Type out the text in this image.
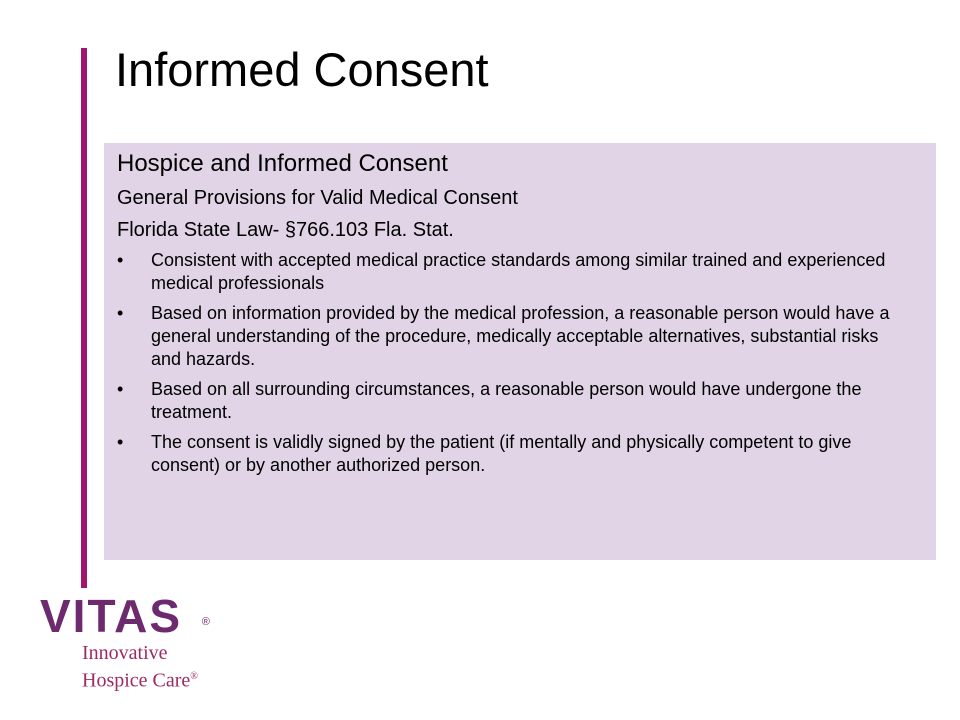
Informed Consent
Hospice and Informed Consent
General Provisions for Valid Medical Consent
Florida State Law- §766.103 Fla. Stat.
• Consistent with accepted medical practice standards among similar trained and experienced medical professionals
• Based on information provided by the medical profession, a reasonable person would have a general understanding of the procedure, medically acceptable alternatives, substantial risks and hazards.
• Based on all surrounding circumstances, a reasonable person would have undergone the treatment.
• The consent is validly signed by the patient (if mentally and physically competent to give consent) or by another authorized person.
VITAS ®
Innovative
Hospice Care®
